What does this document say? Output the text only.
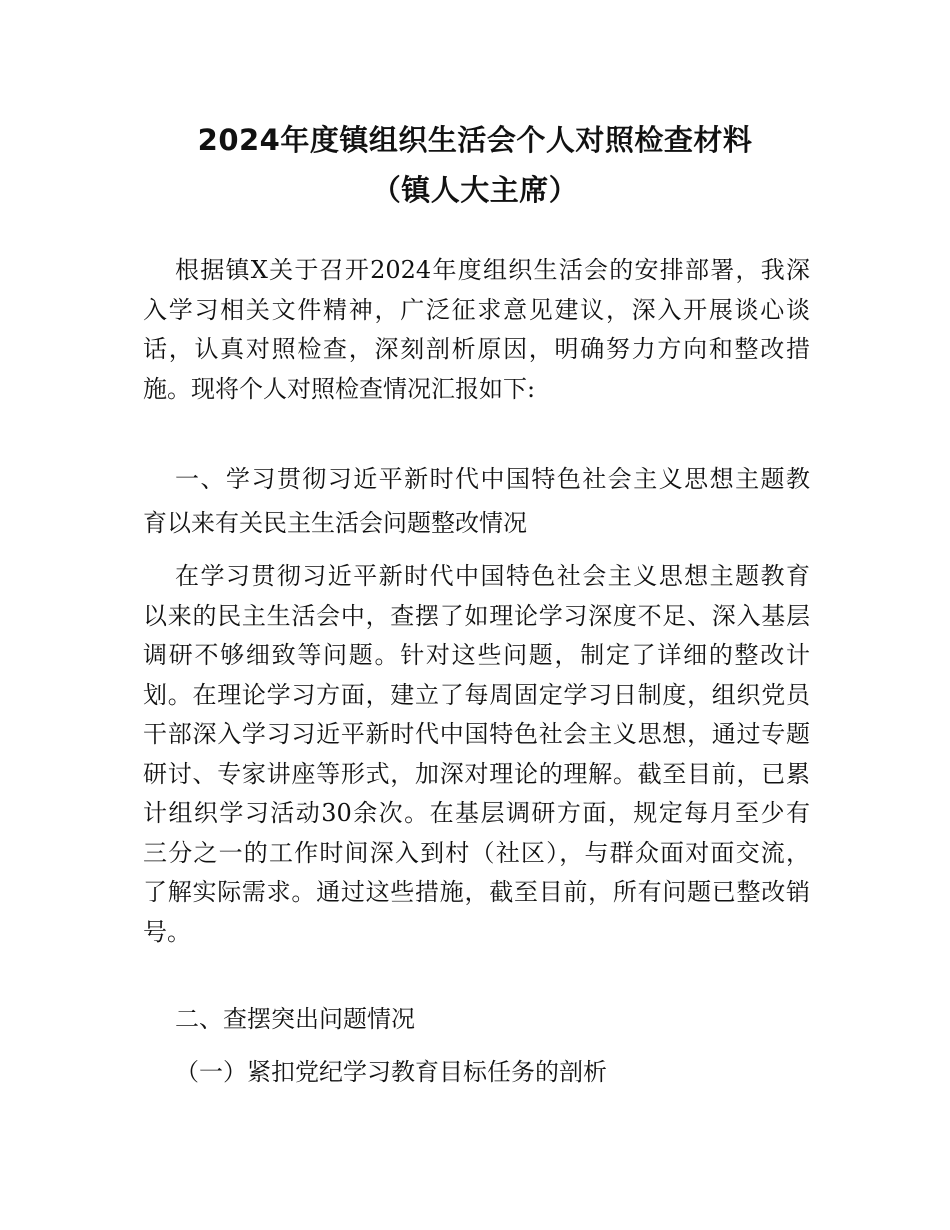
2024年度镇组织生活会个人对照检查材料
（镇人大主席）
根据镇X关于召开2024年度组织生活会的安排部署，我深
入学习相关文件精神，广泛征求意见建议，深入开展谈心谈
话，认真对照检查，深刻剖析原因，明确努力方向和整改措
施。现将个人对照检查情况汇报如下:
一、学习贯彻习近平新时代中国特色社会主义思想主题教
育以来有关民主生活会问题整改情况
在学习贯彻习近平新时代中国特色社会主义思想主题教育
以来的民主生活会中，查摆了如理论学习深度不足、深入基层
调研不够细致等问题。针对这些问题，制定了详细的整改计
划。在理论学习方面，建立了每周固定学习日制度，组织党员
干部深入学习习近平新时代中国特色社会主义思想，通过专题
研讨、专家讲座等形式，加深对理论的理解。截至目前，已累
计组织学习活动30余次。在基层调研方面，规定每月至少有
三分之一的工作时间深入到村（社区），与群众面对面交流，
了解实际需求。通过这些措施，截至目前，所有问题已整改销
号。
二、查摆突出问题情况
（一）紧扣党纪学习教育目标任务的剖析
